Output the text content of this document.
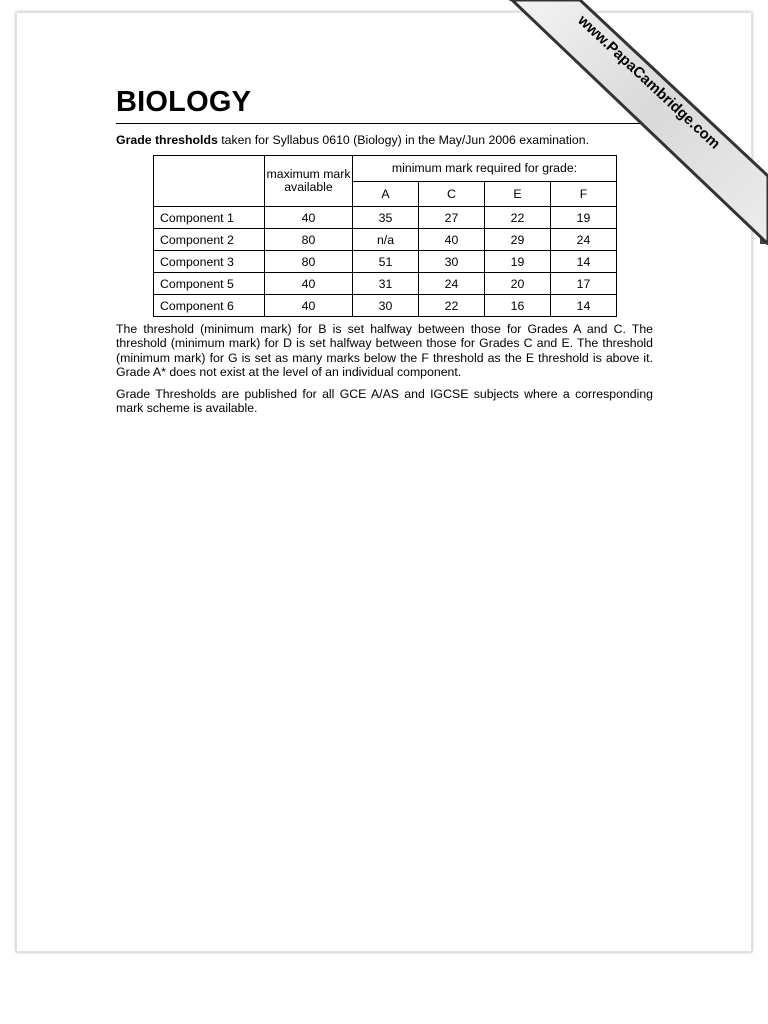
BIOLOGY
Grade thresholds taken for Syllabus 0610 (Biology) in the May/Jun 2006 examination.
	maximum mark available	minimum mark required for grade:			
		A	C	E	F
Component 1	40	35	27	22	19
Component 2	80	n/a	40	29	24
Component 3	80	51	30	19	14
Component 5	40	31	24	20	17
Component 6	40	30	22	16	14

The threshold (minimum mark) for B is set halfway between those for Grades A and C. The threshold (minimum mark) for D is set halfway between those for Grades C and E. The threshold (minimum mark) for G is set as many marks below the F threshold as the E threshold is above it. Grade A* does not exist at the level of an individual component.

Grade Thresholds are published for all GCE A/AS and IGCSE subjects where a corresponding mark scheme is available.

www.PapaCambridge.com
